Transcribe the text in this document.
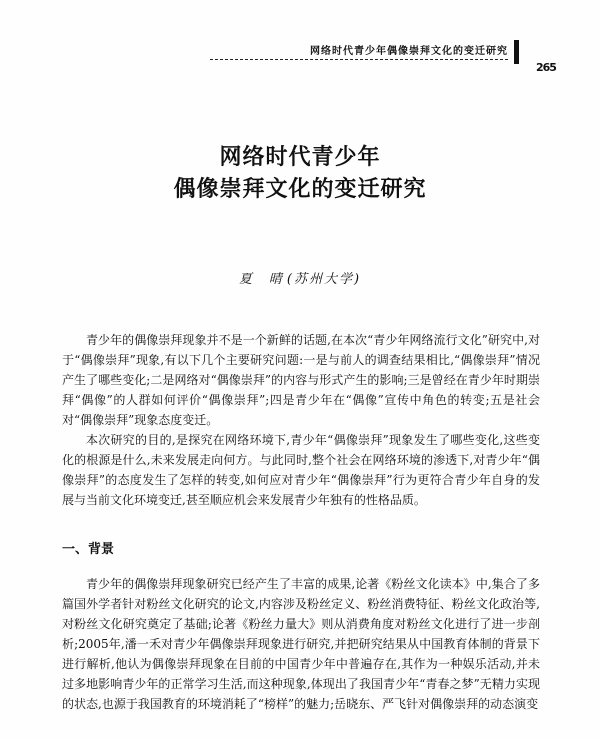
网络时代青少年偶像崇拜文化的变迁研究
265
网络时代青少年
偶像崇拜文化的变迁研究
夏　晴 (苏州大学)

青少年的偶像崇拜现象并不是一个新鲜的话题,在本次“青少年网络流行文化”研究中,对于“偶像崇拜”现象,有以下几个主要研究问题:一是与前人的调查结果相比,“偶像崇拜”情况产生了哪些变化;二是网络对“偶像崇拜”的内容与形式产生的影响;三是曾经在青少年时期崇拜“偶像”的人群如何评价“偶像崇拜”;四是青少年在“偶像”宣传中角色的转变;五是社会对“偶像崇拜”现象态度变迁。

本次研究的目的,是探究在网络环境下,青少年“偶像崇拜”现象发生了哪些变化,这些变化的根源是什么,未来发展走向何方。与此同时,整个社会在网络环境的渗透下,对青少年“偶像崇拜”的态度发生了怎样的转变,如何应对青少年“偶像崇拜”行为更符合青少年自身的发展与当前文化环境变迁,甚至顺应机会来发展青少年独有的性格品质。

一、背景

青少年的偶像崇拜现象研究已经产生了丰富的成果,论著《粉丝文化读本》中,集合了多篇国外学者针对粉丝文化研究的论文,内容涉及粉丝定义、粉丝消费特征、粉丝文化政治等,对粉丝文化研究奠定了基础;论著《粉丝力量大》则从消费角度对粉丝文化进行了进一步剖析;2005年,潘一禾对青少年偶像崇拜现象进行研究,并把研究结果从中国教育体制的背景下进行解析,他认为偶像崇拜现象在目前的中国青少年中普遍存在,其作为一种娱乐活动,并未过多地影响青少年的正常学习生活,而这种现象,体现出了我国青少年“青春之梦”无精力实现的状态,也源于我国教育的环境消耗了“榜样”的魅力;岳晓东、严飞针对偶像崇拜的动态演变
